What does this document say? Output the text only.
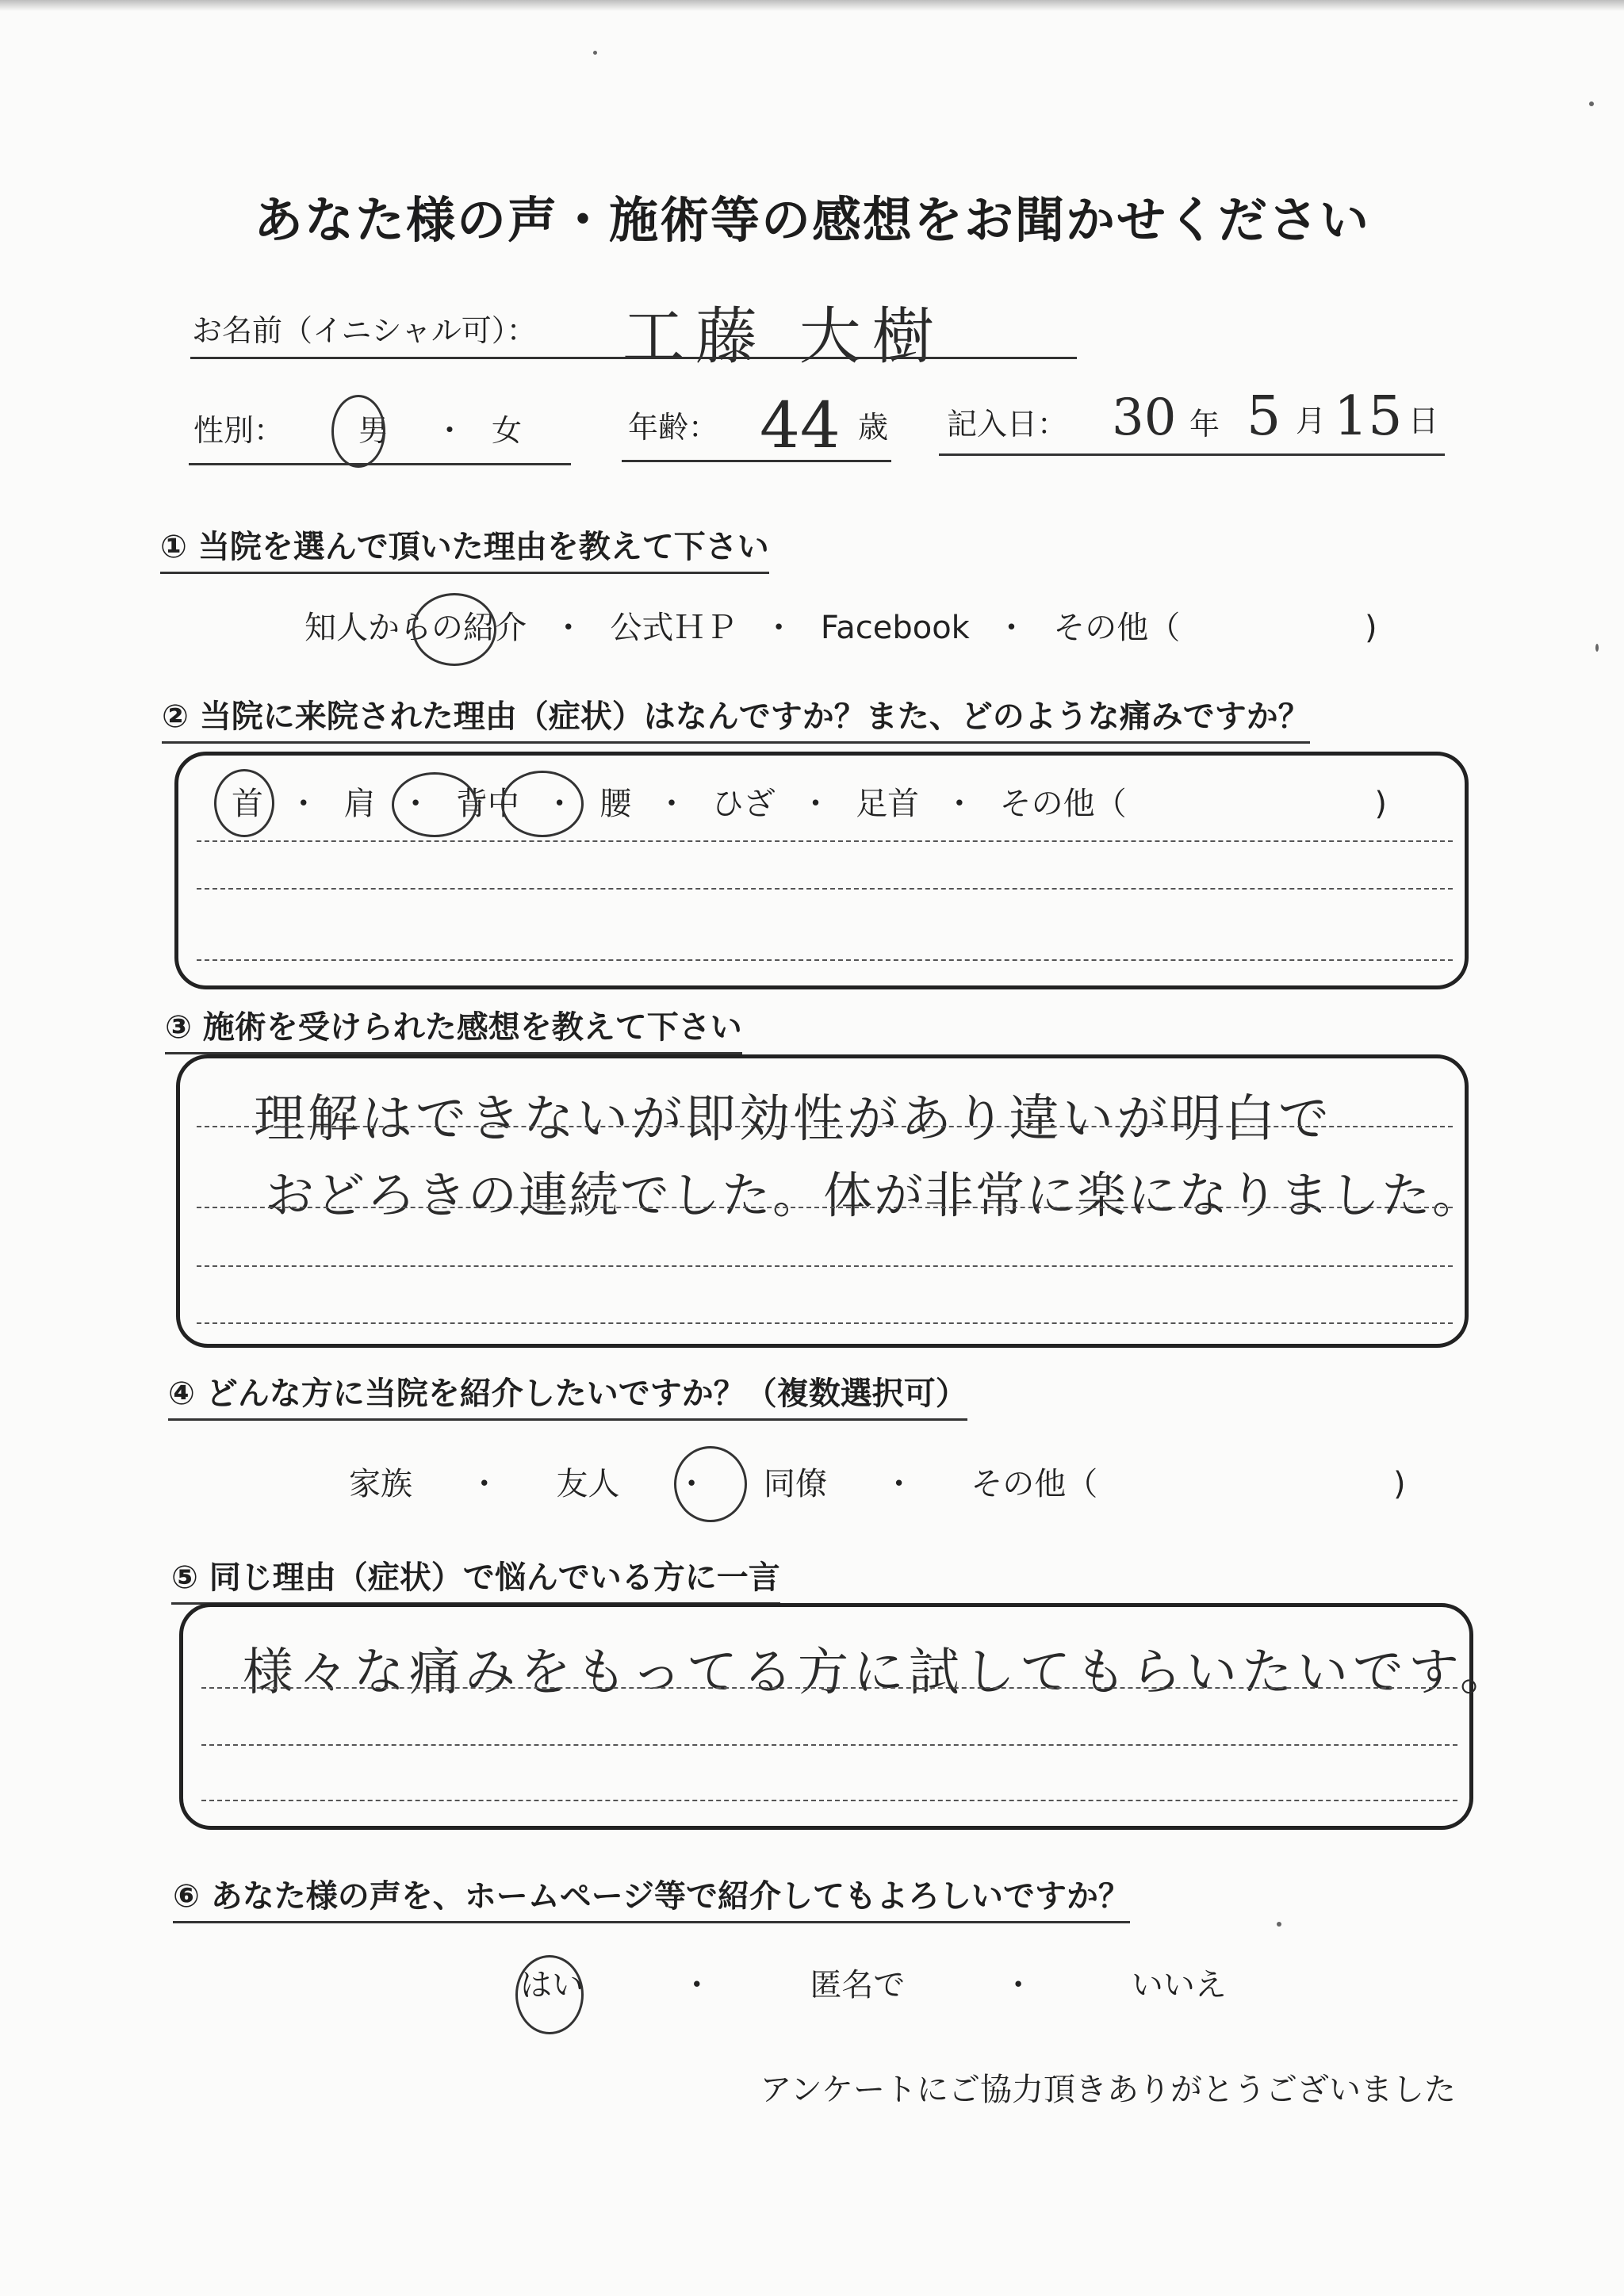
あなた様の声・施術等の感想をお聞かせください
お名前（イニシャル可）： 工藤 大樹
性別： 男 ・ 女	年齢： 44 歳 記入日： 30 年 5 月 15 日
① 当院を選んで頂いた理由を教えて下さい
知人からの紹介 ・ 公式ＨＰ ・ Facebook ・ その他（	)
② 当院に来院された理由（症状）はなんですか？また、どのような痛みですか？
首 ・ 肩 ・ 背中 ・ 腰 ・ ひざ ・ 足首 ・ その他（	)
③ 施術を受けられた感想を教えて下さい
理解はできないが即効性があり違いが明白で
おどろきの連続でした。体が非常に楽になりました。
④ どんな方に当院を紹介したいですか？（複数選択可）
家族 ・ 友人 ・ 同僚 ・ その他（	)
⑤ 同じ理由（症状）で悩んでいる方に一言
様々な痛みをもってる方に試してもらいたいです。
⑥ あなた様の声を、ホームページ等で紹介してもよろしいですか？
はい	・	匿名で	・	いいえ
アンケートにご協力頂きありがとうございました
